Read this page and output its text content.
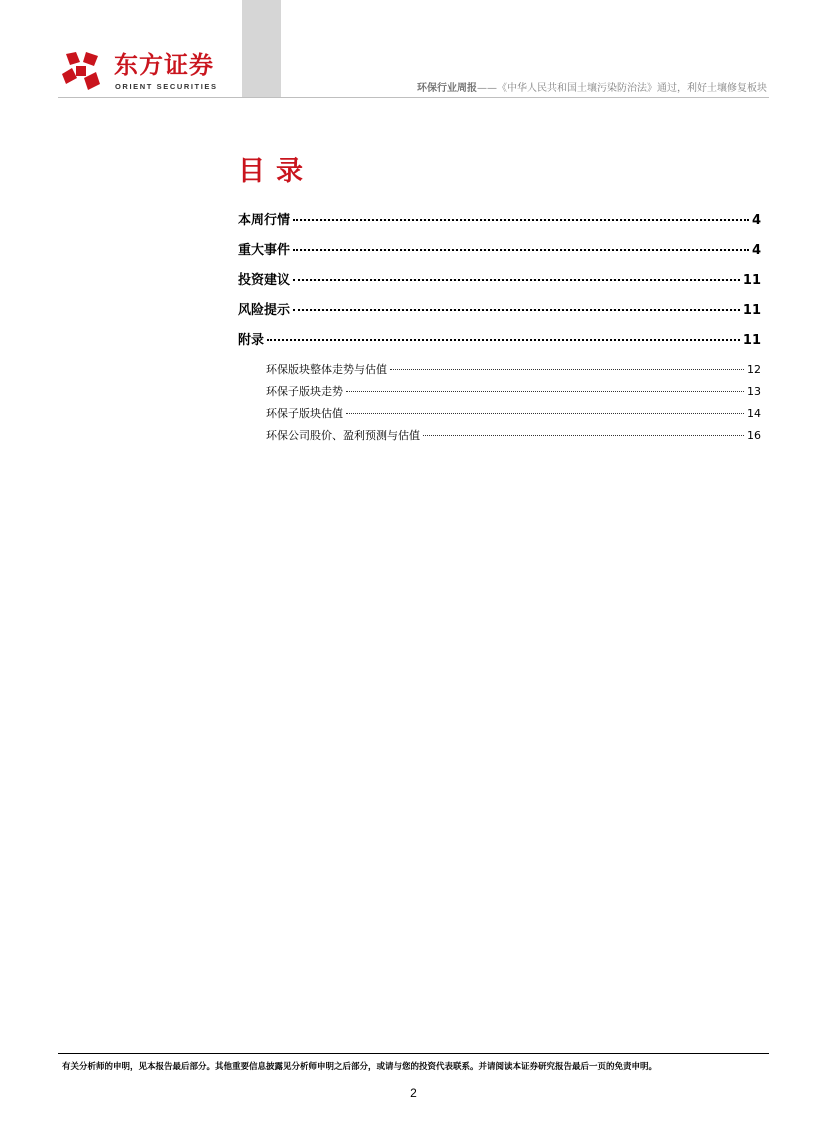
东方证券
ORIENT SECURITIES	环保行业周报——《中华人民共和国土壤污染防治法》通过，利好土壤修复板块
目录
本周行情	4
重大事件	4
投资建议	11
风险提示	11
附录	11
环保版块整体走势与估值	12
环保子版块走势	13
环保子版块估值	14
环保公司股价、盈利预测与估值	16
有关分析师的申明，见本报告最后部分。其他重要信息披露见分析师申明之后部分，或请与您的投资代表联系。并请阅读本证券研究报告最后一页的免责申明。
2
